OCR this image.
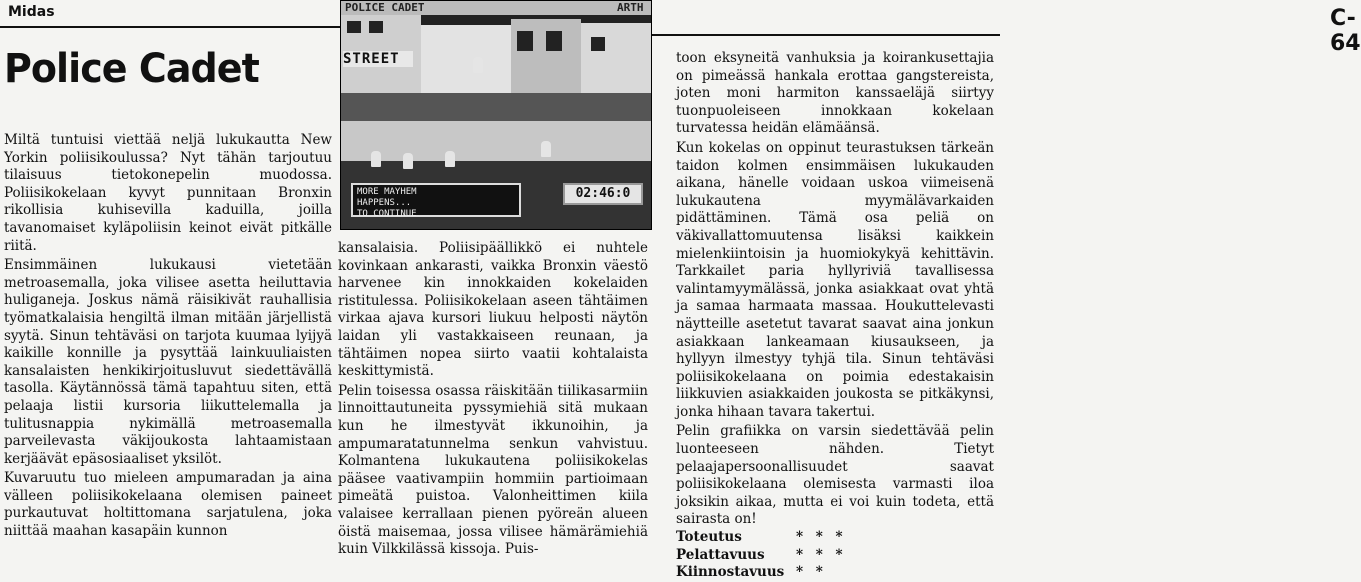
Midas	C-64
Police Cadet
POLICE CADET	ARTH
STREET
MORE MAYHEM
HAPPENS...
TO CONTINUE
02:46:0

Miltä tuntuisi viettää neljä lukukautta New Yorkin poliisikoulussa? Nyt tähän tarjoutuu tilaisuus tietokonepelin muodossa. Poliisikokelaan kyvyt punnitaan Bronxin rikollisia kuhisevilla kaduilla, joilla tavanomaiset kyläpoliisin keinot eivät pitkälle riitä.

Ensimmäinen lukukausi vietetään metroasemalla, joka vilisee asetta heiluttavia huliganeja. Joskus nämä räisikivät rauhallisia työmatkalaisia hengiltä ilman mitään järjellistä syytä. Sinun tehtäväsi on tarjota kuumaa lyijyä kaikille konnille ja pysyttää lainkuuliaisten kansalaisten henkikirjoitusluvut siedettävällä tasolla. Käytännössä tämä tapahtuu siten, että pelaaja listii kursoria liikuttelemalla ja tulitusnappia nykimällä metroasemalla parveilevasta väkijoukosta lahtaamistaan kerjäävät epäsosiaaliset yksilöt.

Kuvaruutu tuo mieleen ampumaradan ja aina välleen poliisikokelaana olemisen paineet purkautuvat holtittomana sarjatulena, joka niittää maahan kasapäin kunnon

kansalaisia. Poliisipäällikkö ei nuhtele kovinkaan ankarasti, vaikka Bronxin väestö harvenee kin innokkaiden kokelaiden ristitulessa. Poliisikokelaan aseen tähtäimen virkaa ajava kursori liukuu helposti näytön laidan yli vastakkaiseen reunaan, ja tähtäimen nopea siirto vaatii kohtalaista keskittymistä.

Pelin toisessa osassa räiskitään tiilikasarmiin linnoittautuneita pyssymiehiä sitä mukaan kun he ilmestyvät ikkunoihin, ja ampumaratatunnelma senkun vahvistuu. Kolmantena lukukautena poliisikokelas pääsee vaativampiin hommiin partioimaan pimeätä puistoa. Valonheittimen kiila valaisee kerrallaan pienen pyöreän alueen öistä maisemaa, jossa vilisee hämärämiehiä kuin Vilkkilässä kissoja. Puis-

toon eksyneitä vanhuksia ja koirankusettajia on pimeässä hankala erottaa gangstereista, joten moni harmiton kanssaeläjä siirtyy tuonpuoleiseen innokkaan kokelaan turvatessa heidän elämäänsä.

Kun kokelas on oppinut teurastuksen tärkeän taidon kolmen ensimmäisen lukukauden aikana, hänelle voidaan uskoa viimeisenä lukukautena myymälävarkaiden pidättäminen. Tämä osa peliä on väkivallattomuutensa lisäksi kaikkein mielenkiintoisin ja huomiokykyä kehittävin. Tarkkailet paria hyllyriviä tavallisessa valintamyymälässä, jonka asiakkaat ovat yhtä ja samaa harmaata massaa. Houkuttelevasti näytteille asetetut tavarat saavat aina jonkun asiakkaan lankeamaan kiusaukseen, ja hyllyyn ilmestyy tyhjä tila. Sinun tehtäväsi poliisikokelaana on poimia edestakaisin liikkuvien asiakkaiden joukosta se pitkäkynsi, jonka hihaan tavara takertui.

Pelin grafiikka on varsin siedettävää pelin luonteeseen nähden. Tietyt pelaajapersoonallisuudet saavat poliisikokelaana olemisesta varmasti iloa joksikin aikaa, mutta ei voi kuin todeta, että sairasta on!

Toteutus	* * *
Pelattavuus	* * *
Kiinnostavuus * *
